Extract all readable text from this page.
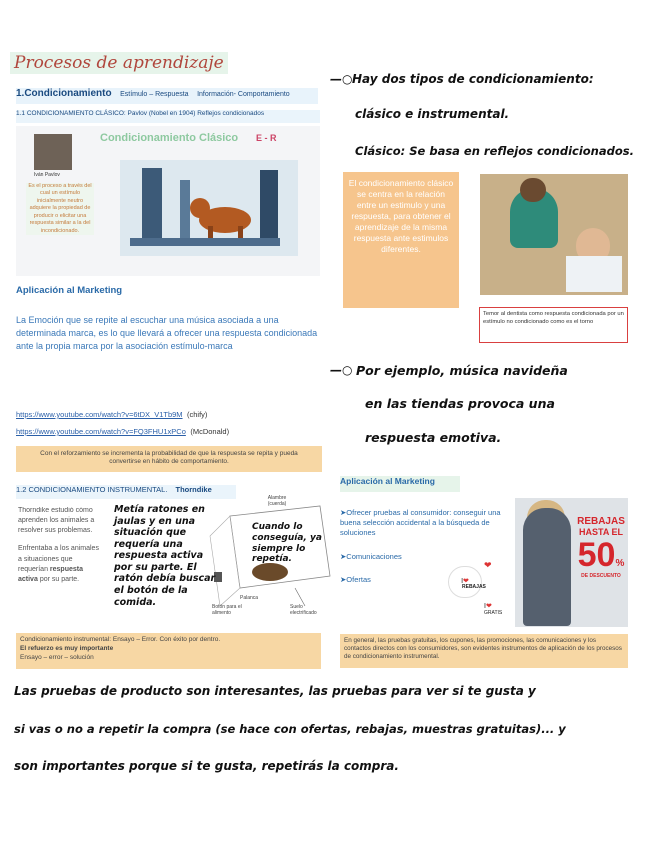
Procesos de aprendizaje
1.Condicionamiento Estímulo – Respuesta Información- Comportamiento
1.1 CONDICIONAMIENTO CLÁSICO: Pavlov (Nobel en 1904) Reflejos condicionados
Condicionamiento Clásico E - R
Iván Pavlov
Es el proceso a través del cual un estímulo inicialmente neutro adquiere la propiedad de producir o elicitar una respuesta similar a la del incondicionado.
El condicionamiento clásico se centra en la relación entre un estimulo y una respuesta, para obtener el aprendizaje de la misma respuesta ante estimulos diferentes.
Temor al dentista como respuesta condicionada por un estímulo no condicionado como es el torno
Aplicación al Marketing
La Emoción que se repite al escuchar una música asociada a una determinada marca, es lo que llevará a ofrecer una respuesta condicionada ante la propia marca por la asociación estímulo-marca
https://www.youtube.com/watch?v=6tDX_V1Tb9M (chify)
https://www.youtube.com/watch?v=FQ3FHU1xPCo (McDonald)
Con el reforzamiento se incrementa la probabilidad de que la respuesta se repita y pueda convertirse en hábito de comportamiento.
1.2 CONDICIONAMIENTO INSTRUMENTAL. Thorndike
Thorndike estudió cómo aprenden los animales a resolver sus problemas.
Enfrentaba a los animales a situaciones que requerían respuesta activa por su parte.
Alambre (cuerda)
Palanca
Botón para el alimento
Suelo electrificado
Condicionamiento instrumental: Ensayo – Error. Con éxito por dentro.
El refuerzo es muy importante
Ensayo – error – solución
Aplicación al Marketing
➤Ofrecer pruebas al consumidor: conseguir una buena selección accidental a la búsqueda de soluciones
➤Comunicaciones
➤Ofertas	I❤
REBAJAS
❤
I❤
GRATIS
REBAJAS
HASTA EL
50%
DE DESCUENTO
En general, las pruebas gratuitas, los cupones, las promociones, las comunicaciones y los contactos directos con los consumidores, son evidentes instrumentos de aplicación de los procesos de condicionamiento instrumental.
—○ Hay dos tipos de condicionamiento:
clásico e instrumental.
Clásico: Se basa en reflejos condicionados.
—○ Por ejemplo, música navideña
en las tiendas provoca una
respuesta emotiva.
Metía ratones en jaulas y en una situación que requería una respuesta activa por su parte. El ratón debía buscar el botón de la comida.
Cuando lo conseguía, ya siempre lo repetía.
Las pruebas de producto son interesantes, las pruebas para ver si te gusta y
si vas o no a repetir la compra (se hace con ofertas, rebajas, muestras gratuitas)... y
son importantes porque si te gusta, repetirás la compra.
